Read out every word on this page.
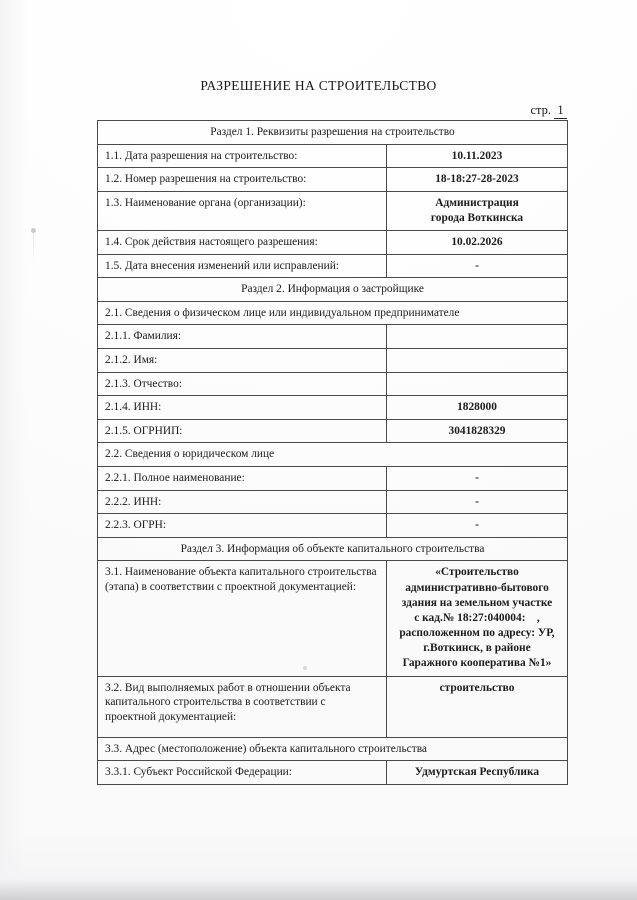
РАЗРЕШЕНИЕ НА СТРОИТЕЛЬСТВО
стр. 1
Раздел 1. Реквизиты разрешения на строительство	
1.1. Дата разрешения на строительство:	10.11.2023
1.2. Номер разрешения на строительство:	18-18:27-28-2023
1.3. Наименование органа (организации):	Администрация
города Воткинска

1.4. Срок действия настоящего разрешения:	10.02.2026
1.5. Дата внесения изменений или исправлений:	-
Раздел 2. Информация о застройщике	
2.1. Сведения о физическом лице или индивидуальном предпринимателе	
2.1.1. Фамилия:	
2.1.2. Имя:	
2.1.3. Отчество:	
2.1.4. ИНН:	1828000
2.1.5. ОГРНИП:	3041828329
2.2. Сведения о юридическом лице	
2.2.1. Полное наименование:	-
2.2.2. ИНН:	-
2.2.3. ОГРН:	-
Раздел 3. Информация об объекте капитального строительства	
3.1. Наименование объекта капитального строительства (этапа) в соответствии с проектной документацией:	
«Строительство
административно-бытового
здания на земельном участке
с кад.№ 18:27:040004:    ,
расположенном по адресу: УР,
г.Воткинск, в районе
Гаражного кооператива №1»

3.2. Вид выполняемых работ в отношении объекта капитального строительства в соответствии с проектной документацией:	строительство
3.3. Адрес (местоположение) объекта капитального строительства	
3.3.1. Субъект Российской Федерации:	Удмуртская Республика
